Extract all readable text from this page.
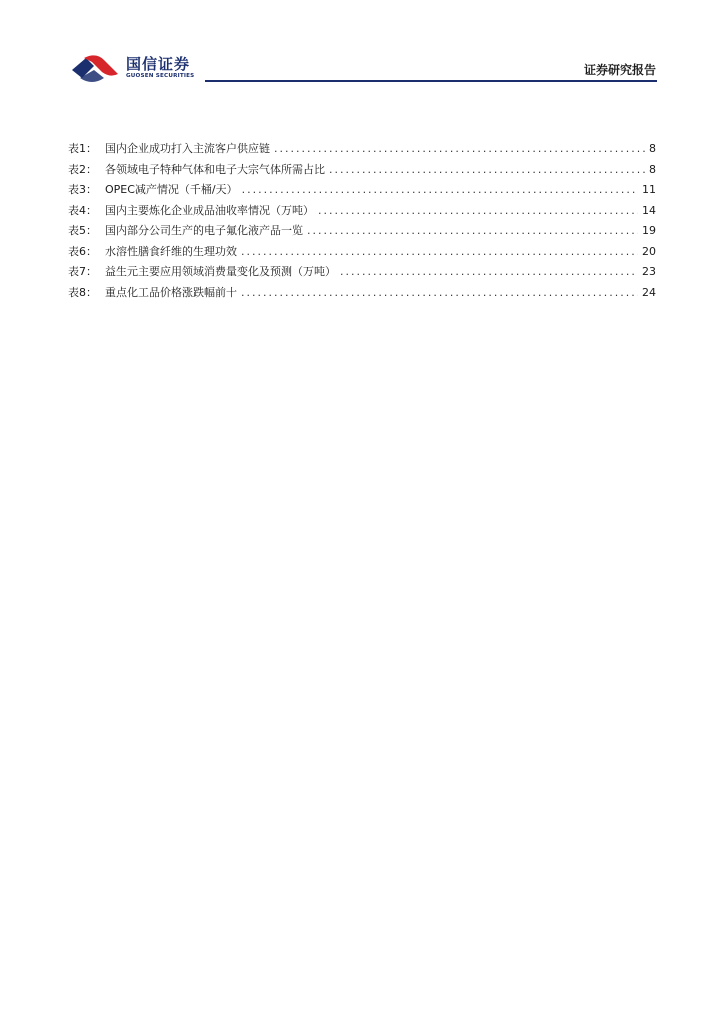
国信证券
GUOSEN SECURITIES	证券研究报告
表1： 国内企业成功打入主流客户供应链 .....	8
表2： 各领域电子特种气体和电子大宗气体所需占比 .....	8
表3： OPEC减产情况（千桶/天） .....	11
表4： 国内主要炼化企业成品油收率情况（万吨） .....	14
表5： 国内部分公司生产的电子氟化液产品一览 .....	19
表6： 水溶性膳食纤维的生理功效 .....	20
表7： 益生元主要应用领域消费量变化及预测（万吨） .....	23
表8： 重点化工品价格涨跌幅前十 .....	24
